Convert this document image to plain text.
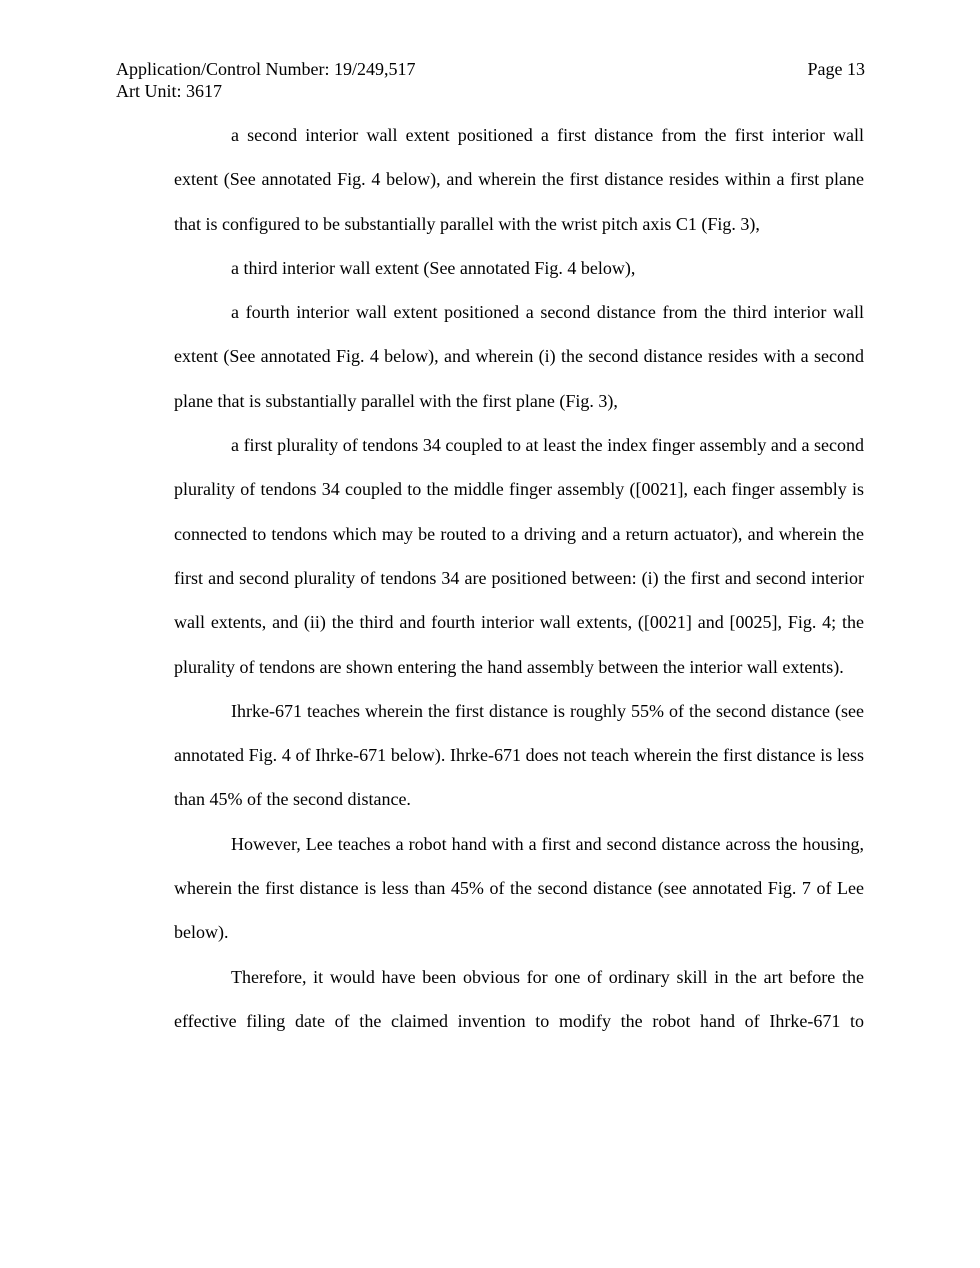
Application/Control Number: 19/249,517	Page 13
Art Unit: 3617

a second interior wall extent positioned a first distance from the first interior wall extent (See annotated Fig. 4 below), and wherein the first distance resides within a first plane that is configured to be substantially parallel with the wrist pitch axis C1 (Fig. 3),

a third interior wall extent (See annotated Fig. 4 below),

a fourth interior wall extent positioned a second distance from the third interior wall extent (See annotated Fig. 4 below), and wherein (i) the second distance resides with a second plane that is substantially parallel with the first plane (Fig. 3),

a first plurality of tendons 34 coupled to at least the index finger assembly and a second plurality of tendons 34 coupled to the middle finger assembly ([0021], each finger assembly is connected to tendons which may be routed to a driving and a return actuator), and wherein the first and second plurality of tendons 34 are positioned between: (i) the first and second interior wall extents, and (ii) the third and fourth interior wall extents, ([0021] and [0025], Fig. 4; the plurality of tendons are shown entering the hand assembly between the interior wall extents).

Ihrke-671 teaches wherein the first distance is roughly 55% of the second distance (see annotated Fig. 4 of Ihrke-671 below). Ihrke-671 does not teach wherein the first distance is less than 45% of the second distance.

However, Lee teaches a robot hand with a first and second distance across the housing, wherein the first distance is less than 45% of the second distance (see annotated Fig. 7 of Lee below).

Therefore, it would have been obvious for one of ordinary skill in the art before the effective filing date of the claimed invention to modify the robot hand of Ihrke-671 to
